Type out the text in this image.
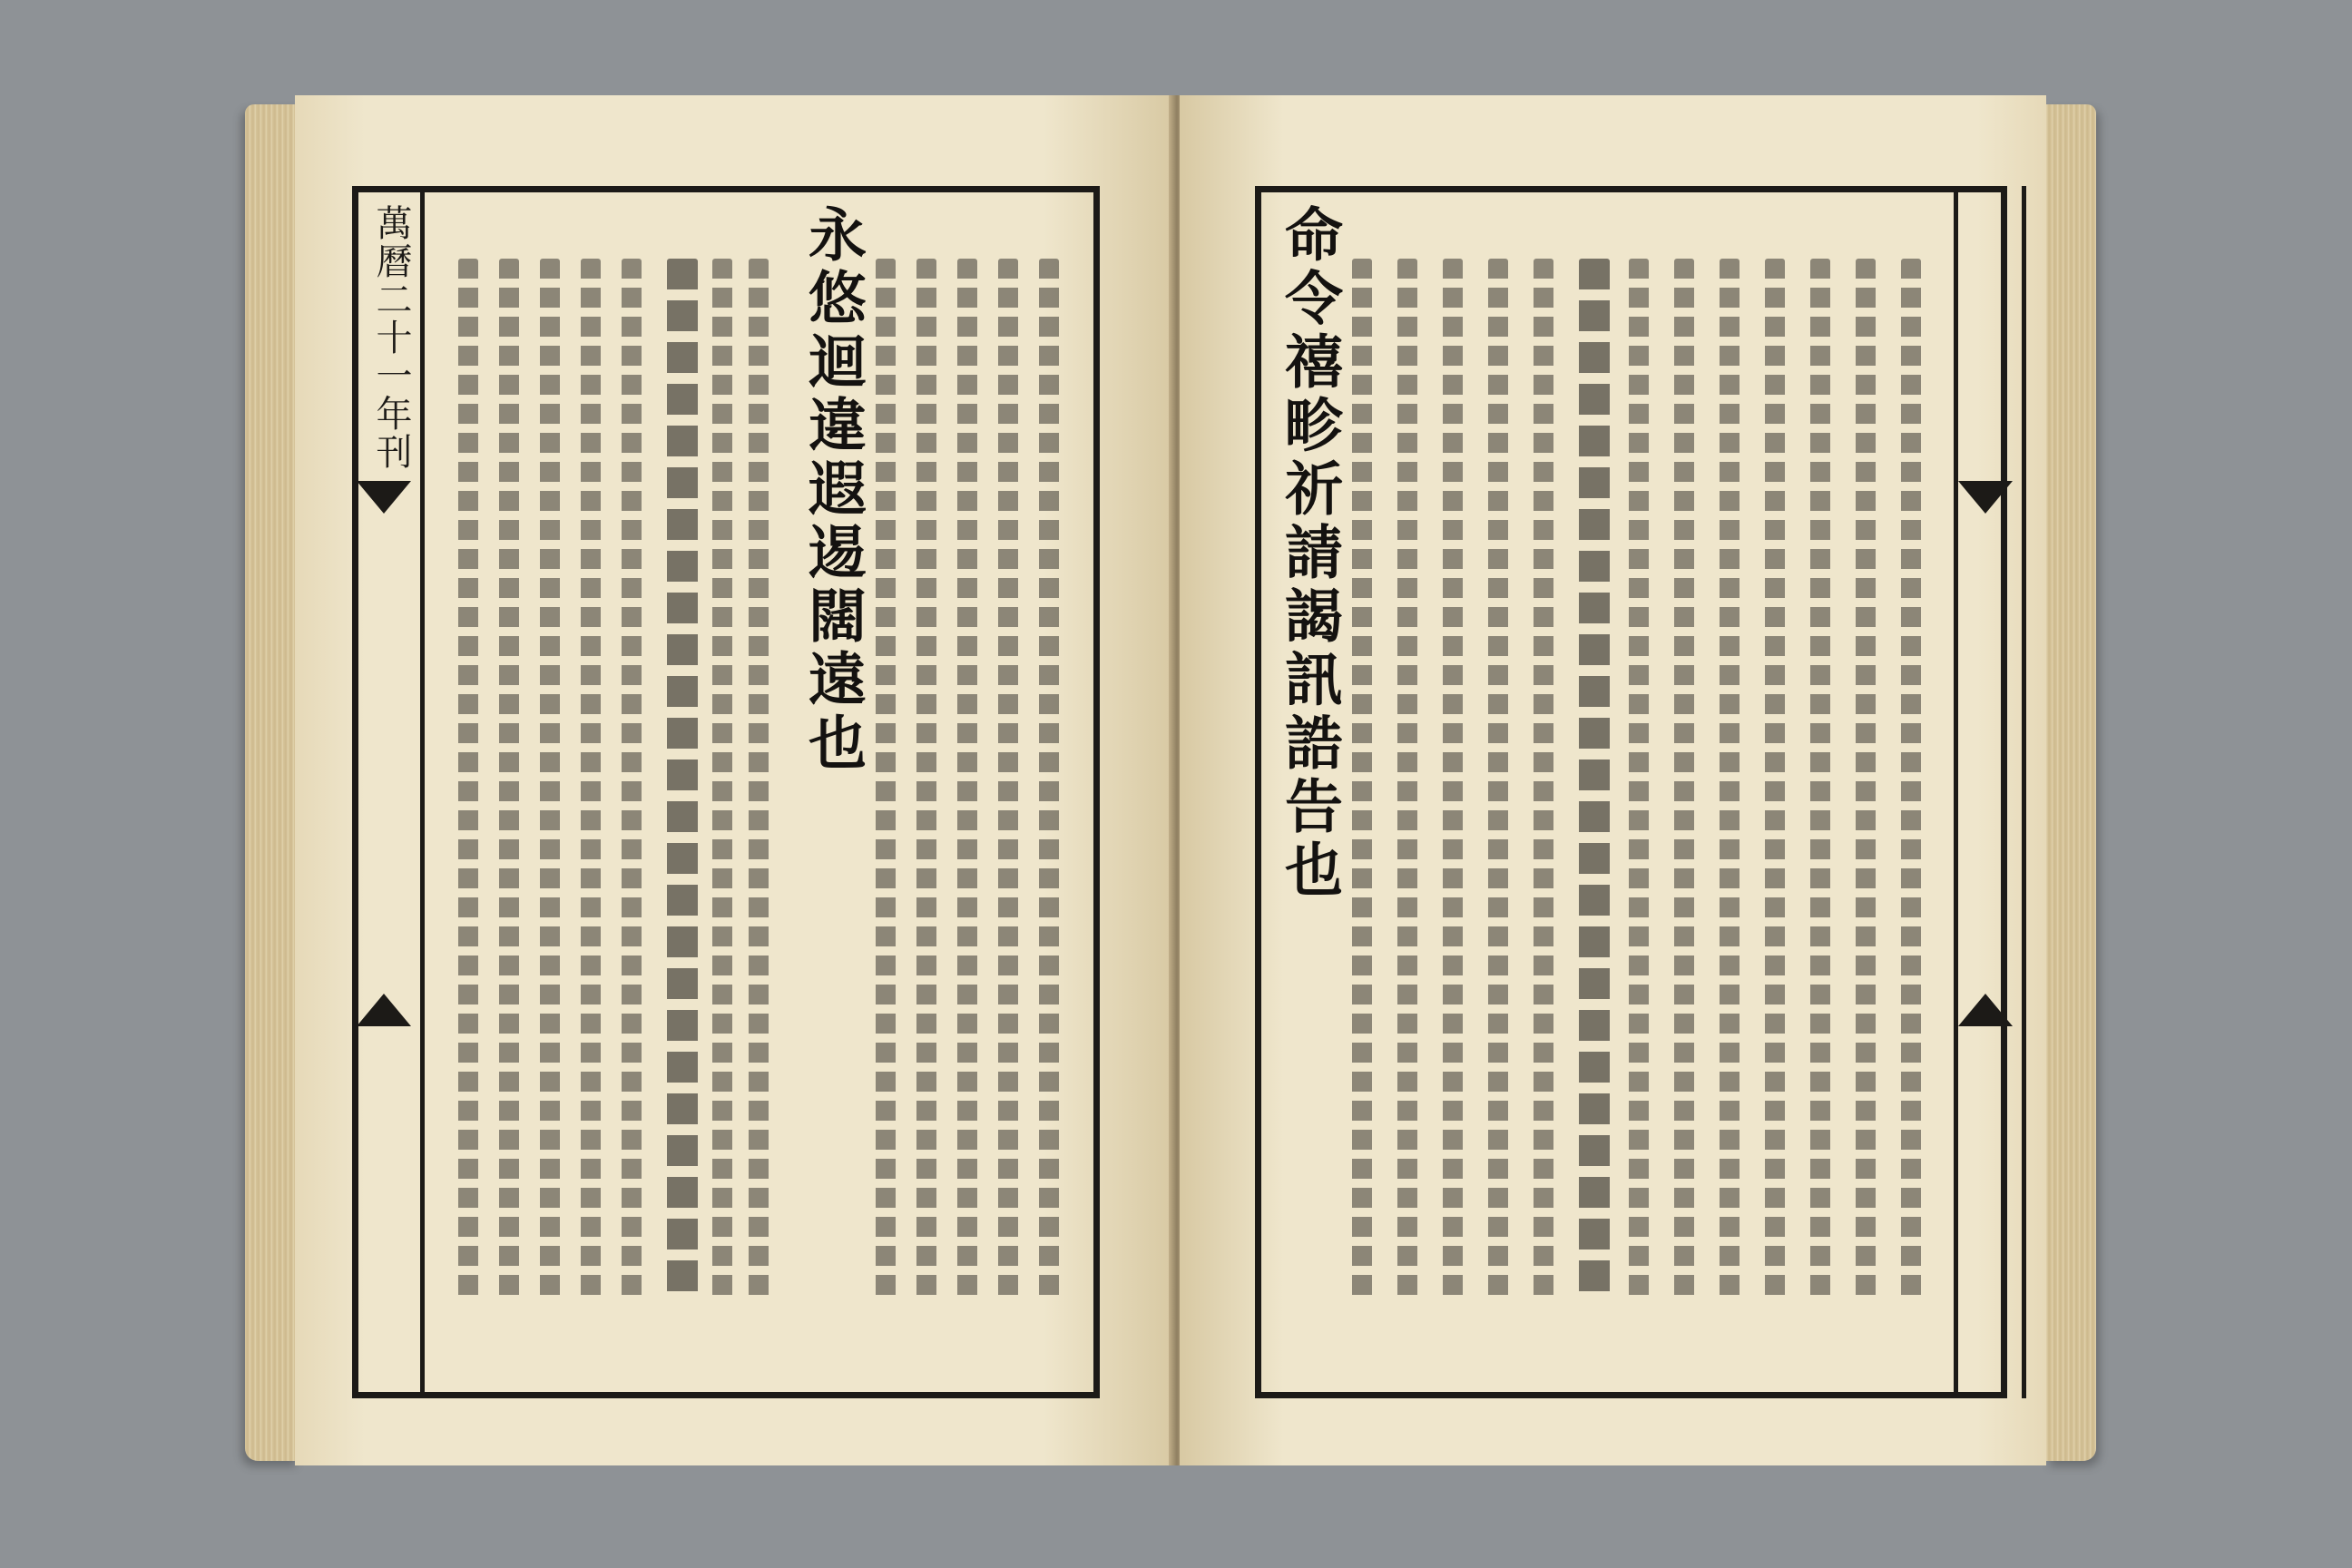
萬曆二十一年刊	永悠迴違遐逷闊遠也	命令禧畛祈請謁訊誥告也
